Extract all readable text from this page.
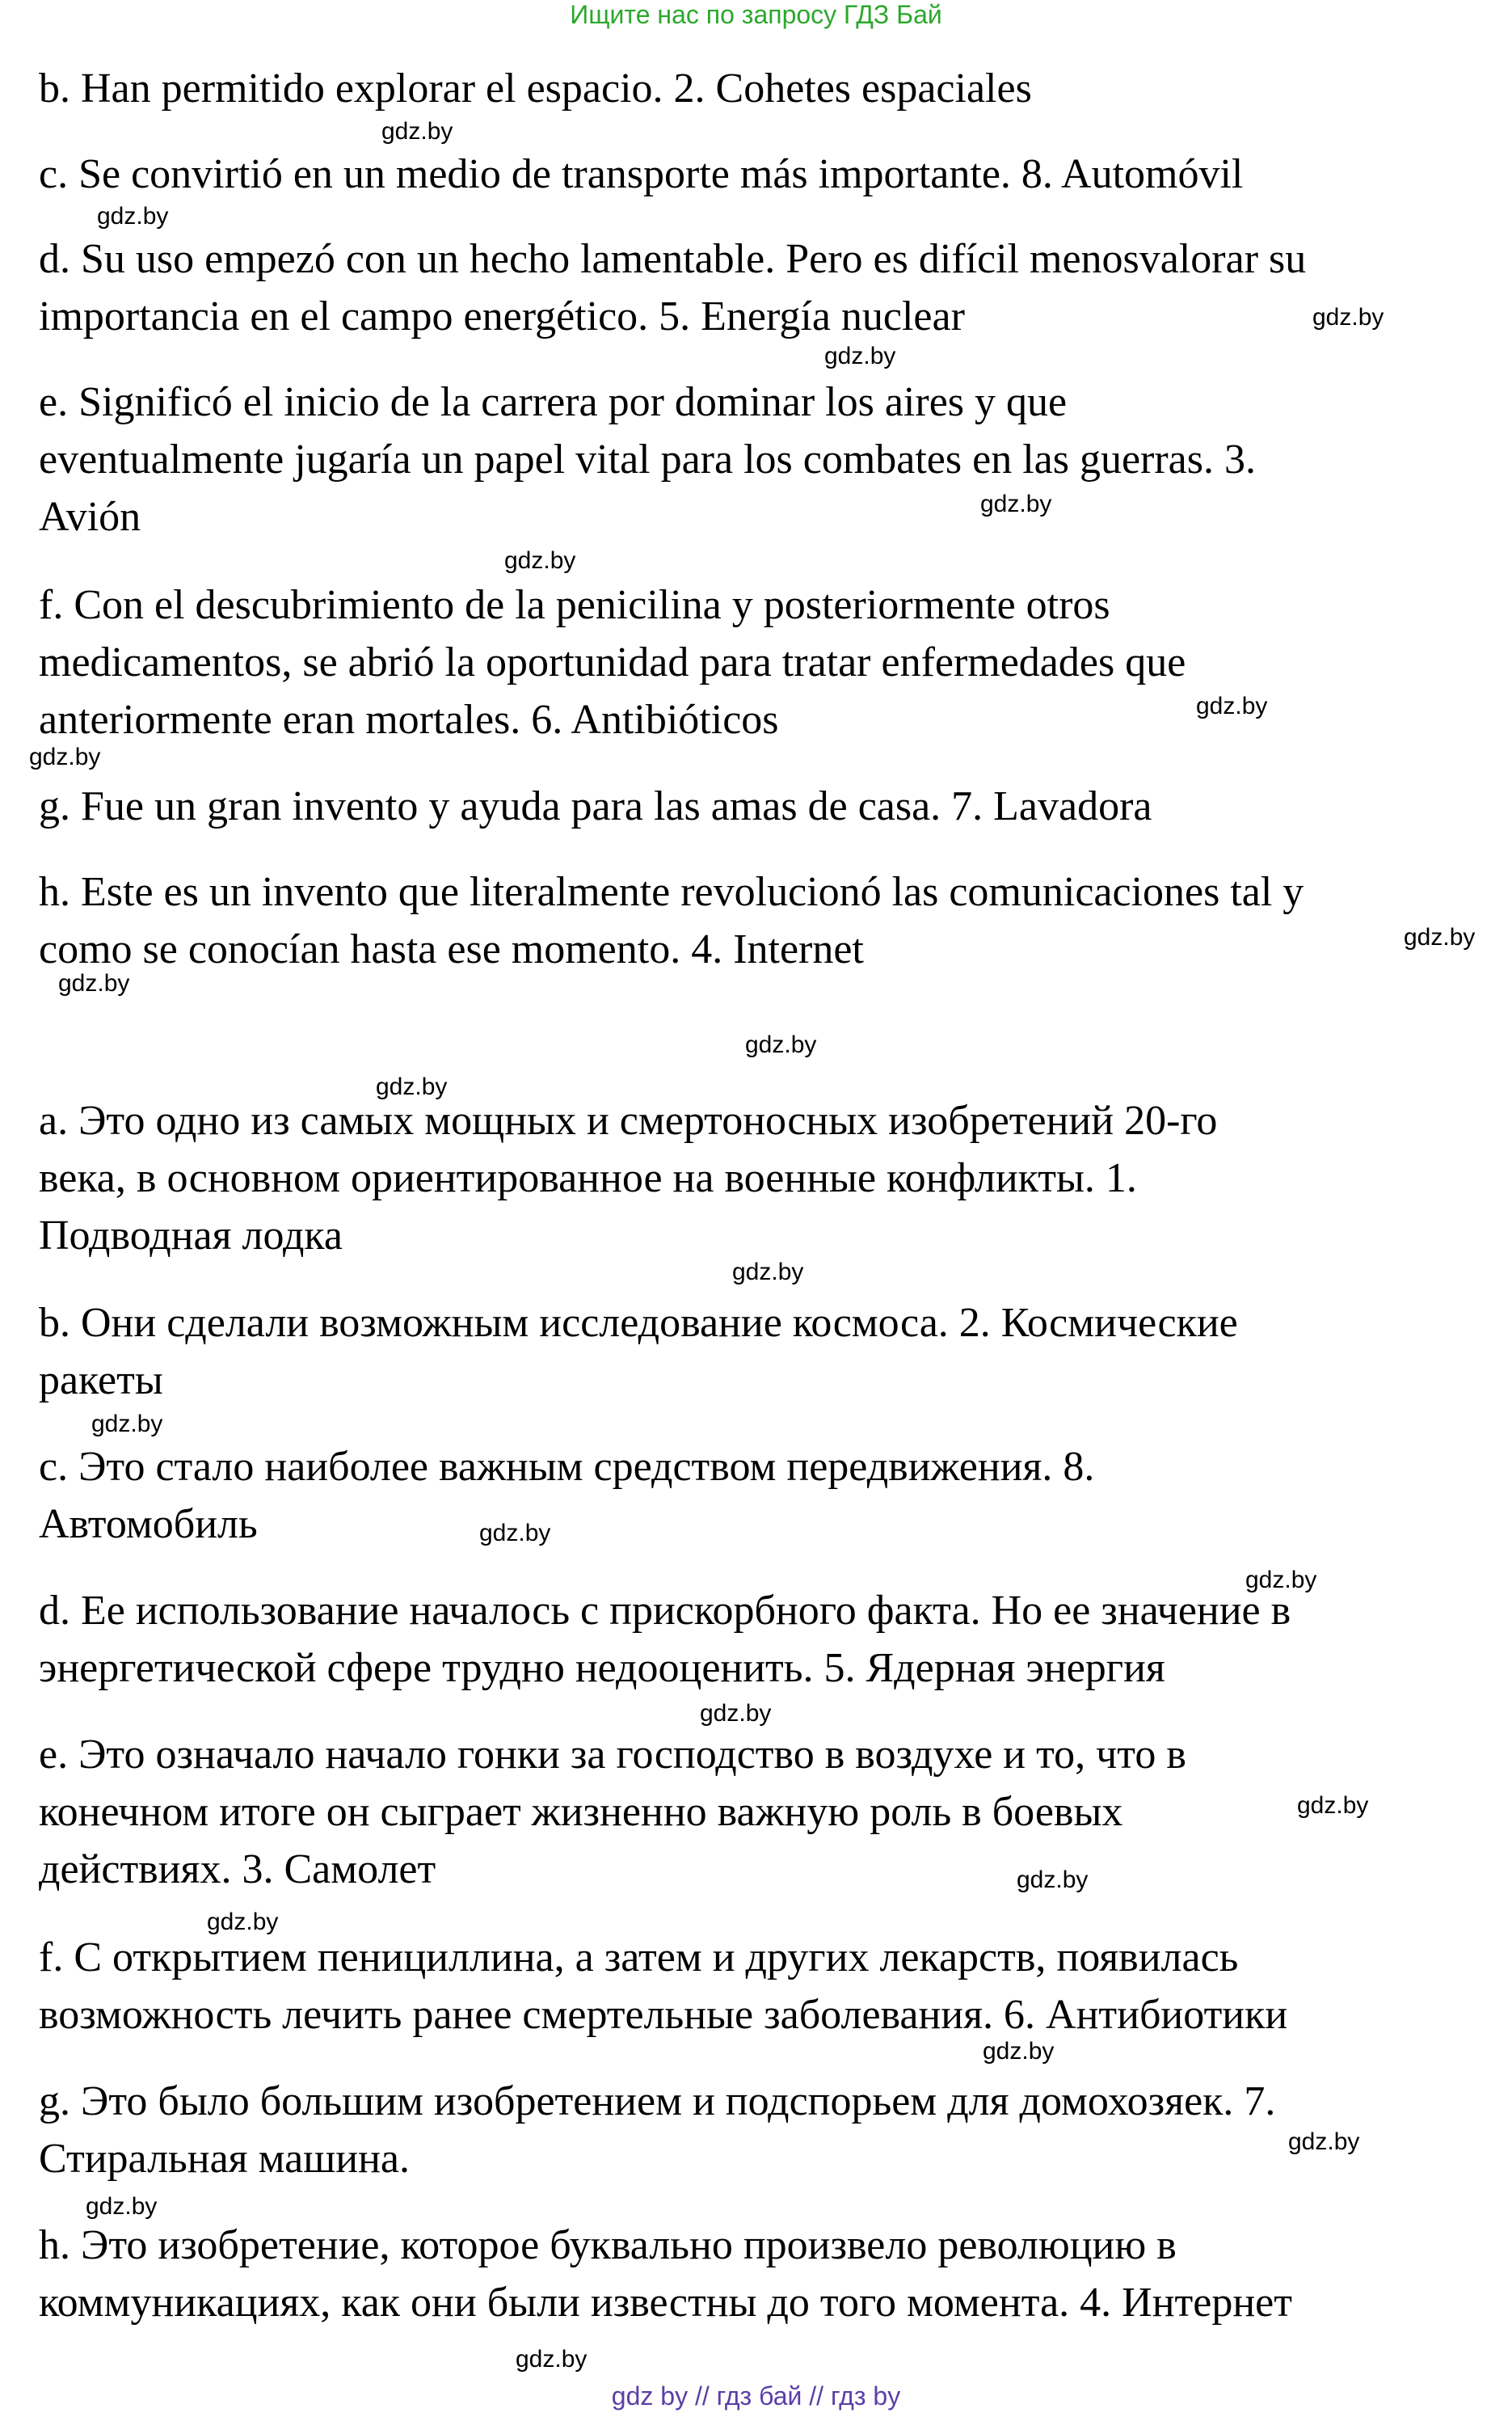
Ищите нас по запросу ГДЗ Бай
b. Han permitido explorar el espacio. 2. Cohetes espaciales
c. Se convirtió en un medio de transporte más importante. 8. Automóvil
d. Su uso empezó con un hecho lamentable. Pero es difícil menosvalorar su
importancia en el campo energético. 5. Energía nuclear
e. Significó el inicio de la carrera por dominar los aires y que
eventualmente jugaría un papel vital para los combates en las guerras. 3.
Avión
f. Con el descubrimiento de la penicilina y posteriormente otros
medicamentos, se abrió la oportunidad para tratar enfermedades que
anteriormente eran mortales. 6. Antibióticos
g. Fue un gran invento y ayuda para las amas de casa. 7. Lavadora
h. Este es un invento que literalmente revolucionó las comunicaciones tal y
como se conocían hasta ese momento. 4. Internet
a. Это одно из самых мощных и смертоносных изобретений 20-го
века, в основном ориентированное на военные конфликты. 1.
Подводная лодка
b. Они сделали возможным исследование космоса. 2. Космические
ракеты
c. Это стало наиболее важным средством передвижения. 8.
Автомобиль
d. Ее использование началось с прискорбного факта. Но ее значение в
энергетической сфере трудно недооценить. 5. Ядерная энергия
e. Это означало начало гонки за господство в воздухе и то, что в
конечном итоге он сыграет жизненно важную роль в боевых
действиях. 3. Самолет
f. С открытием пенициллина, а затем и других лекарств, появилась
возможность лечить ранее смертельные заболевания. 6. Антибиотики
g. Это было большим изобретением и подспорьем для домохозяек. 7.
Стиральная машина.
h. Это изобретение, которое буквально произвело революцию в
коммуникациях, как они были известны до того момента. 4. Интернет
gdz.by
gdz.by
gdz.by
gdz.by
gdz.by
gdz.by
gdz.by
gdz.by
gdz.by
gdz.by
gdz.by
gdz.by
gdz.by
gdz.by
gdz.by
gdz.by
gdz.by
gdz.by
gdz.by
gdz.by
gdz.by
gdz.by
gdz.by
gdz.by
gdz by // гдз бай // гдз by
